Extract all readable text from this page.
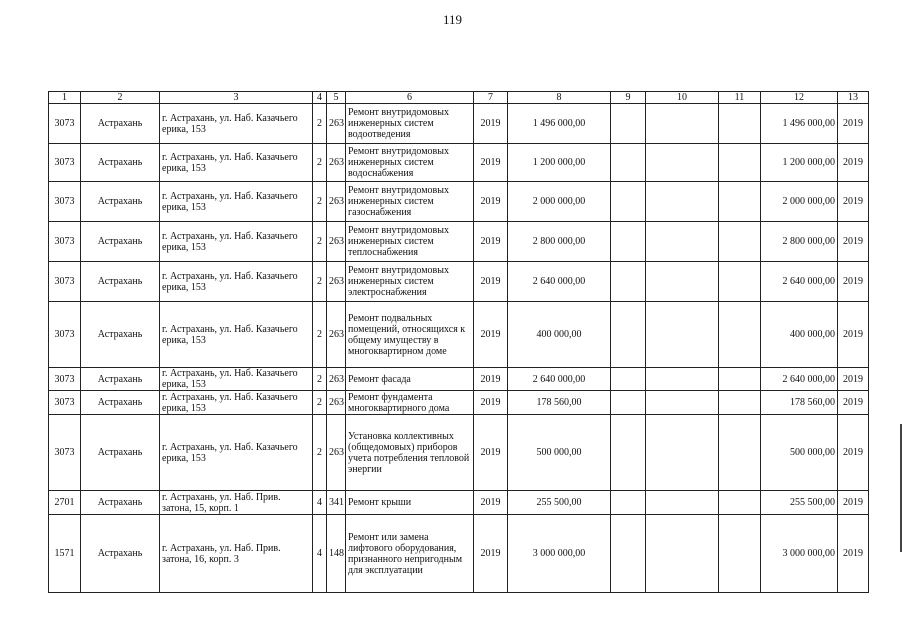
119
1	2	3	4	5	6	7	8	9	10	11	12	13
3073	Астрахань	г. Астрахань, ул. Наб. Казачьего ерика, 153	2	263	Ремонт внутридомовых инженерных систем водоотведения	2019	1 496 000,00				1 496 000,00	2019
3073	Астрахань	г. Астрахань, ул. Наб. Казачьего ерика, 153	2	263	Ремонт внутридомовых инженерных систем водоснабжения	2019	1 200 000,00				1 200 000,00	2019
3073	Астрахань	г. Астрахань, ул. Наб. Казачьего ерика, 153	2	263	Ремонт внутридомовых инженерных систем газоснабжения	2019	2 000 000,00				2 000 000,00	2019
3073	Астрахань	г. Астрахань, ул. Наб. Казачьего ерика, 153	2	263	Ремонт внутридомовых инженерных систем теплоснабжения	2019	2 800 000,00				2 800 000,00	2019
3073	Астрахань	г. Астрахань, ул. Наб. Казачьего ерика, 153	2	263	Ремонт внутридомовых инженерных систем электроснабжения	2019	2 640 000,00				2 640 000,00	2019
3073	Астрахань	г. Астрахань, ул. Наб. Казачьего ерика, 153	2	263	Ремонт подвальных помещений, относящихся к общему имуществу в многоквартирном доме	2019	400 000,00				400 000,00	2019
3073	Астрахань	г. Астрахань, ул. Наб. Казачьего ерика, 153	2	263	Ремонт фасада	2019	2 640 000,00				2 640 000,00	2019
3073	Астрахань	г. Астрахань, ул. Наб. Казачьего ерика, 153	2	263	Ремонт фундамента многоквартирного дома	2019	178 560,00				178 560,00	2019
3073	Астрахань	г. Астрахань, ул. Наб. Казачьего ерика, 153	2	263	Установка коллективных (общедомовых) приборов учета потребления тепловой энергии	2019	500 000,00				500 000,00	2019
2701	Астрахань	г. Астрахань, ул. Наб. Прив. затона, 15, корп. 1	4	341	Ремонт крыши	2019	255 500,00				255 500,00	2019
1571	Астрахань	г. Астрахань, ул. Наб. Прив. затона, 16, корп. 3	4	148	Ремонт или замена лифтового оборудования, признанного непригодным для эксплуатации	2019	3 000 000,00				3 000 000,00	2019
